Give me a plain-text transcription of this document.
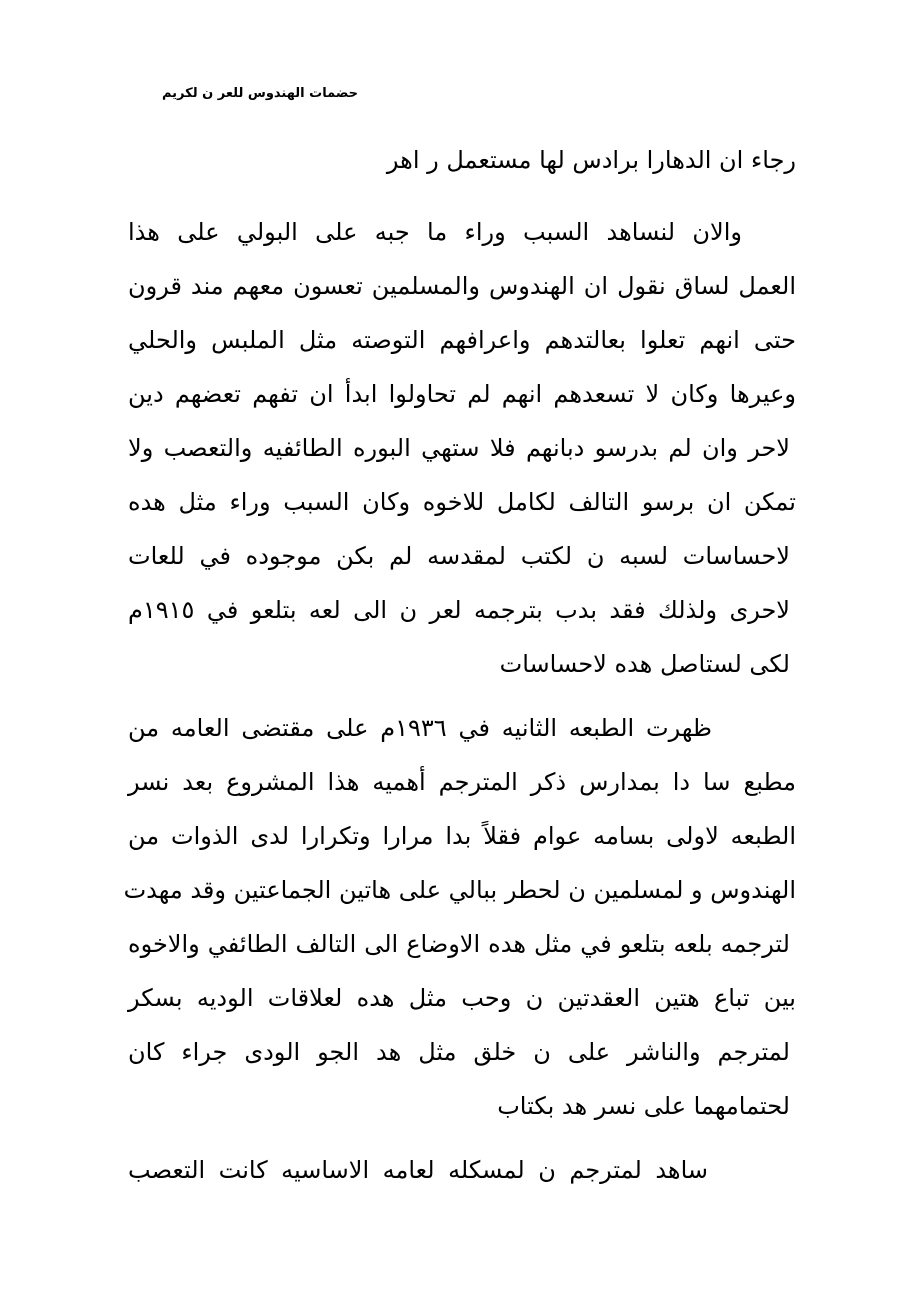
حضمات الهندوس للعر ن لكريم
رجاء ان الدهارا برادس لها مستعمل ر اهر
والان لنساهد السبب وراء ما جبه على البولي على هذا
العمل لساق نقول ان الهندوس والمسلمين تعسون معهم مند قرون
حتى انهم تعلوا بعالتدهم واعرافهم التوصته مثل الملبس والحلي
وعيرها وكان لا تسعدهم انهم لم تحاولوا ابدأ ان تفهم تعضهم دين
لاحر وان لم بدرسو دبانهم فلا ستهي البوره الطائفيه والتعصب ولا
تمكن ان برسو التالف لكامل للاخوه وكان السبب وراء مثل هده
لاحساسات لسبه ن لكتب لمقدسه لم بكن موجوده في للعات
لاحرى ولذلك فقد بدب بترجمه لعر ن الى لعه بتلعو في ١٩١٥م
لكى لستاصل هده لاحساسات
ظهرت الطبعه الثانيه في ١٩٣٦م على مقتضى العامه من
مطبع سا دا بمدارس ذكر المترجم أهميه هذا المشروع بعد نسر
الطبعه لاولى بسامه عوام فقلاً بدا مرارا وتكرارا لدى الذوات من
الهندوس و لمسلمين ن لحطر ببالي على هاتين الجماعتين وقد مهدت
لترجمه بلعه بتلعو في مثل هده الاوضاع الى التالف الطائفي والاخوه
بين تباع هتين العقدتين ن وحب مثل هده لعلاقات الوديه بسكر
لمترجم والناشر على ن خلق مثل هد الجو الودى جراء كان
لحتمامهما على نسر هد بكتاب
ساهد لمترجم ن لمسكله لعامه الاساسيه كانت التعصب
